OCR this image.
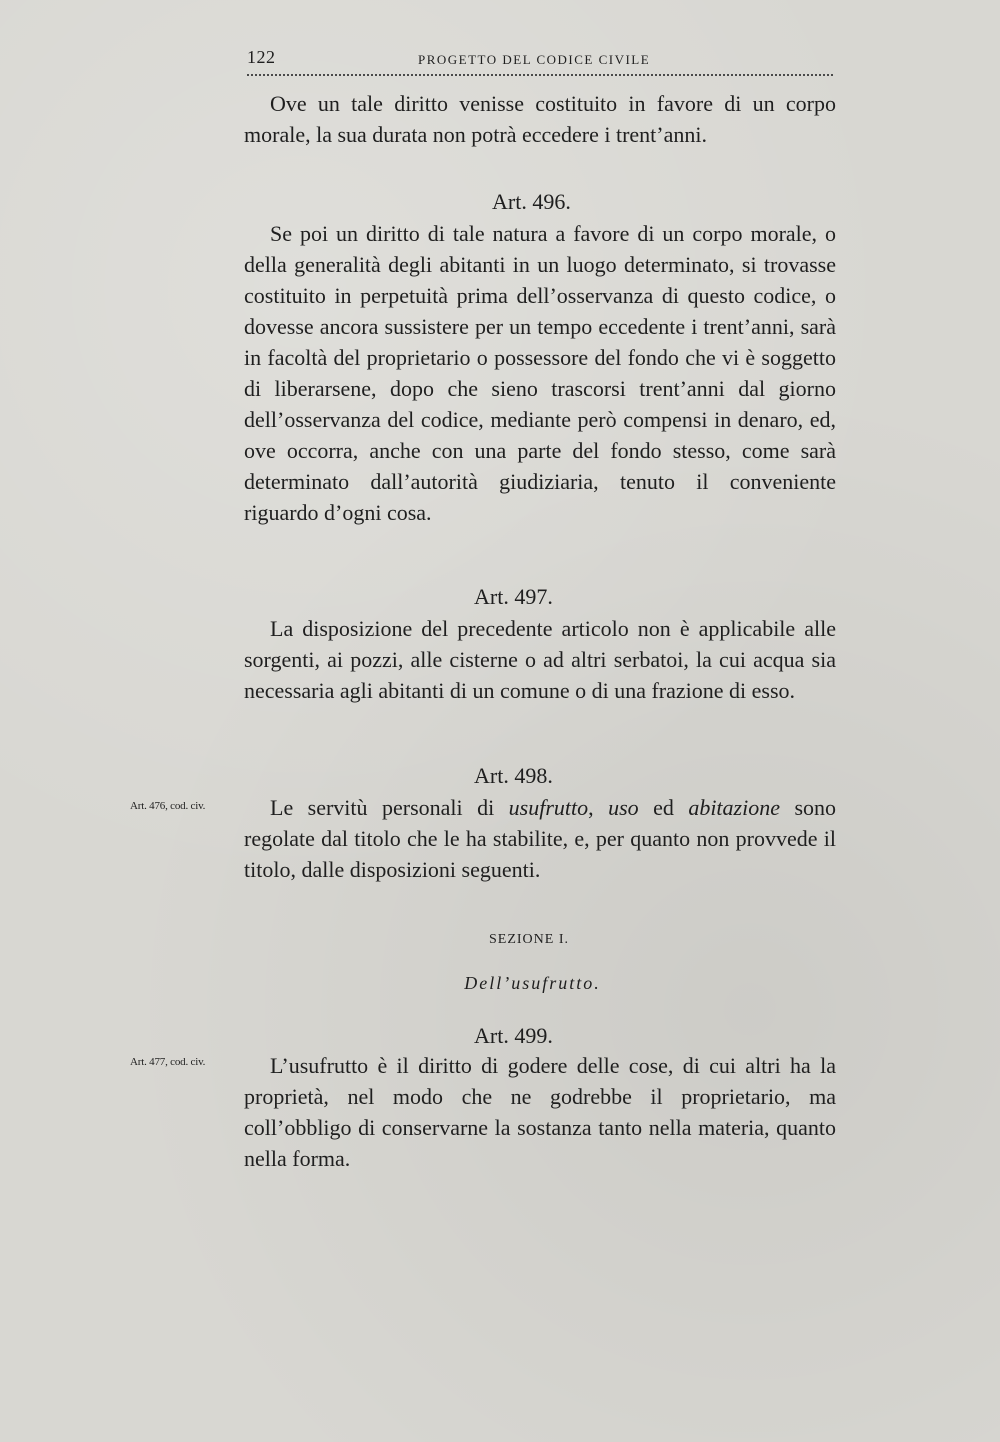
122	PROGETTO DEL CODICE CIVILE

Ove un tale diritto venisse costituito in favore di un corpo morale, la sua durata non potrà eccedere i trent’anni.

Art. 496.

Se poi un diritto di tale natura a favore di un corpo morale, o della generalità degli abitanti in un luogo determinato, si trovasse costituito in perpetuità prima dell’osservanza di questo codice, o dovesse ancora sussistere per un tempo eccedente i trent’anni, sarà in facoltà del proprietario o possessore del fondo che vi è soggetto di liberarsene, dopo che sieno trascorsi trent’anni dal giorno dell’osservanza del codice, mediante però compensi in denaro, ed, ove occorra, anche con una parte del fondo stesso, come sarà determinato dall’autorità giudiziaria, tenuto il conveniente riguardo d’ogni cosa.

Art. 497.

La disposizione del precedente articolo non è applicabile alle sorgenti, ai pozzi, alle cisterne o ad altri serbatoi, la cui acqua sia necessaria agli abitanti di un comune o di una frazione di esso.

Art. 498.
Art. 476, cod. civ.	Le servitù personali di usufrutto, uso ed abitazione sono regolate dal titolo che le ha stabilite, e, per quanto non provvede il titolo, dalle disposizioni seguenti.

SEZIONE I.
Dell’usufrutto.
Art. 499.
Art. 477, cod. civ.	L’usufrutto è il diritto di godere delle cose, di cui altri ha la proprietà, nel modo che ne godrebbe il proprietario, ma coll’obbligo di conservarne la sostanza tanto nella materia, quanto nella forma.
